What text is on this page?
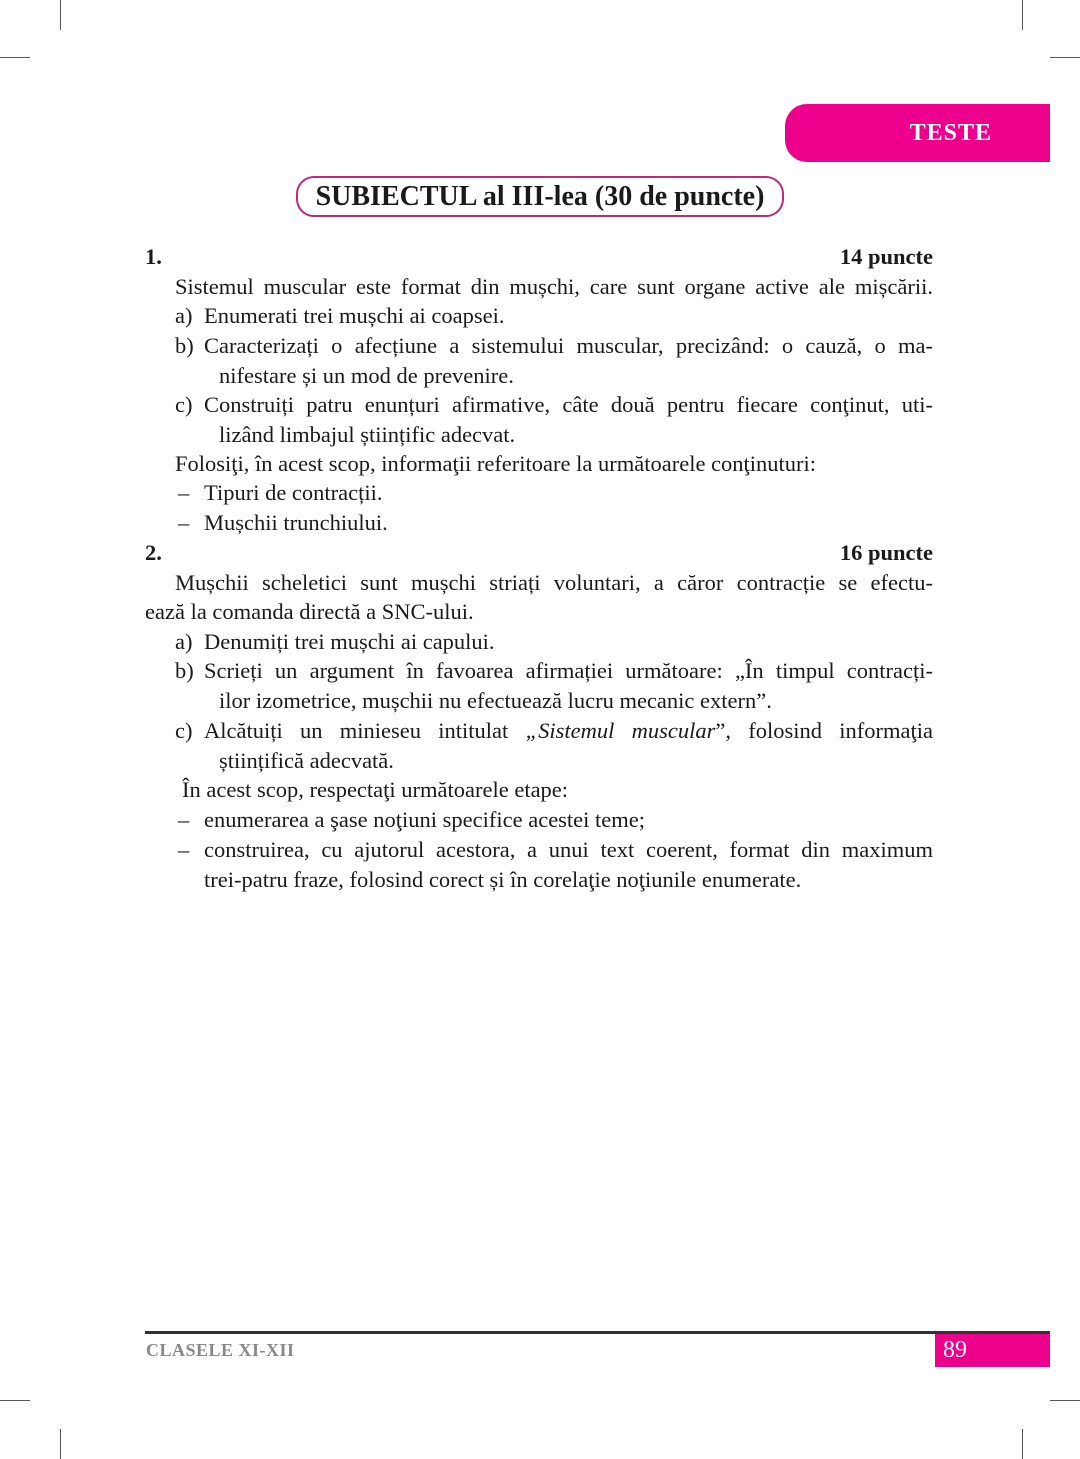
TESTE
SUBIECTUL al III-lea (30 de puncte)
1.	14 puncte
Sistemul muscular este format din mușchi, care sunt organe active ale mișcării.
a) Enumerati trei mușchi ai coapsei.
b) Caracterizați o afecțiune a sistemului muscular, precizând: o cauză, o ma-
nifestare și un mod de prevenire.
c) Construiți patru enunțuri afirmative, câte două pentru fiecare conţinut, uti-
lizând limbajul științific adecvat.
Folosiţi, în acest scop, informaţii referitoare la următoarele conţinuturi:
– Tipuri de contracții.
– Mușchii trunchiului.
2.	16 puncte
Mușchii scheletici sunt mușchi striați voluntari, a căror contracție se efectu-
ează la comanda directă a SNC-ului.
a) Denumiți trei mușchi ai capului.
b) Scrieți un argument în favoarea afirmației următoare: „În timpul contracți-
ilor izometrice, mușchii nu efectuează lucru mecanic extern”.
c) Alcătuiți un minieseu intitulat „Sistemul muscular”, folosind informaţia
științifică adecvată.
În acest scop, respectaţi următoarele etape:
– enumerarea a şase noţiuni specifice acestei teme;
– construirea, cu ajutorul acestora, a unui text coerent, format din maximum
trei-patru fraze, folosind corect și în corelaţie noţiunile enumerate.
CLASELE XI-XII	89
